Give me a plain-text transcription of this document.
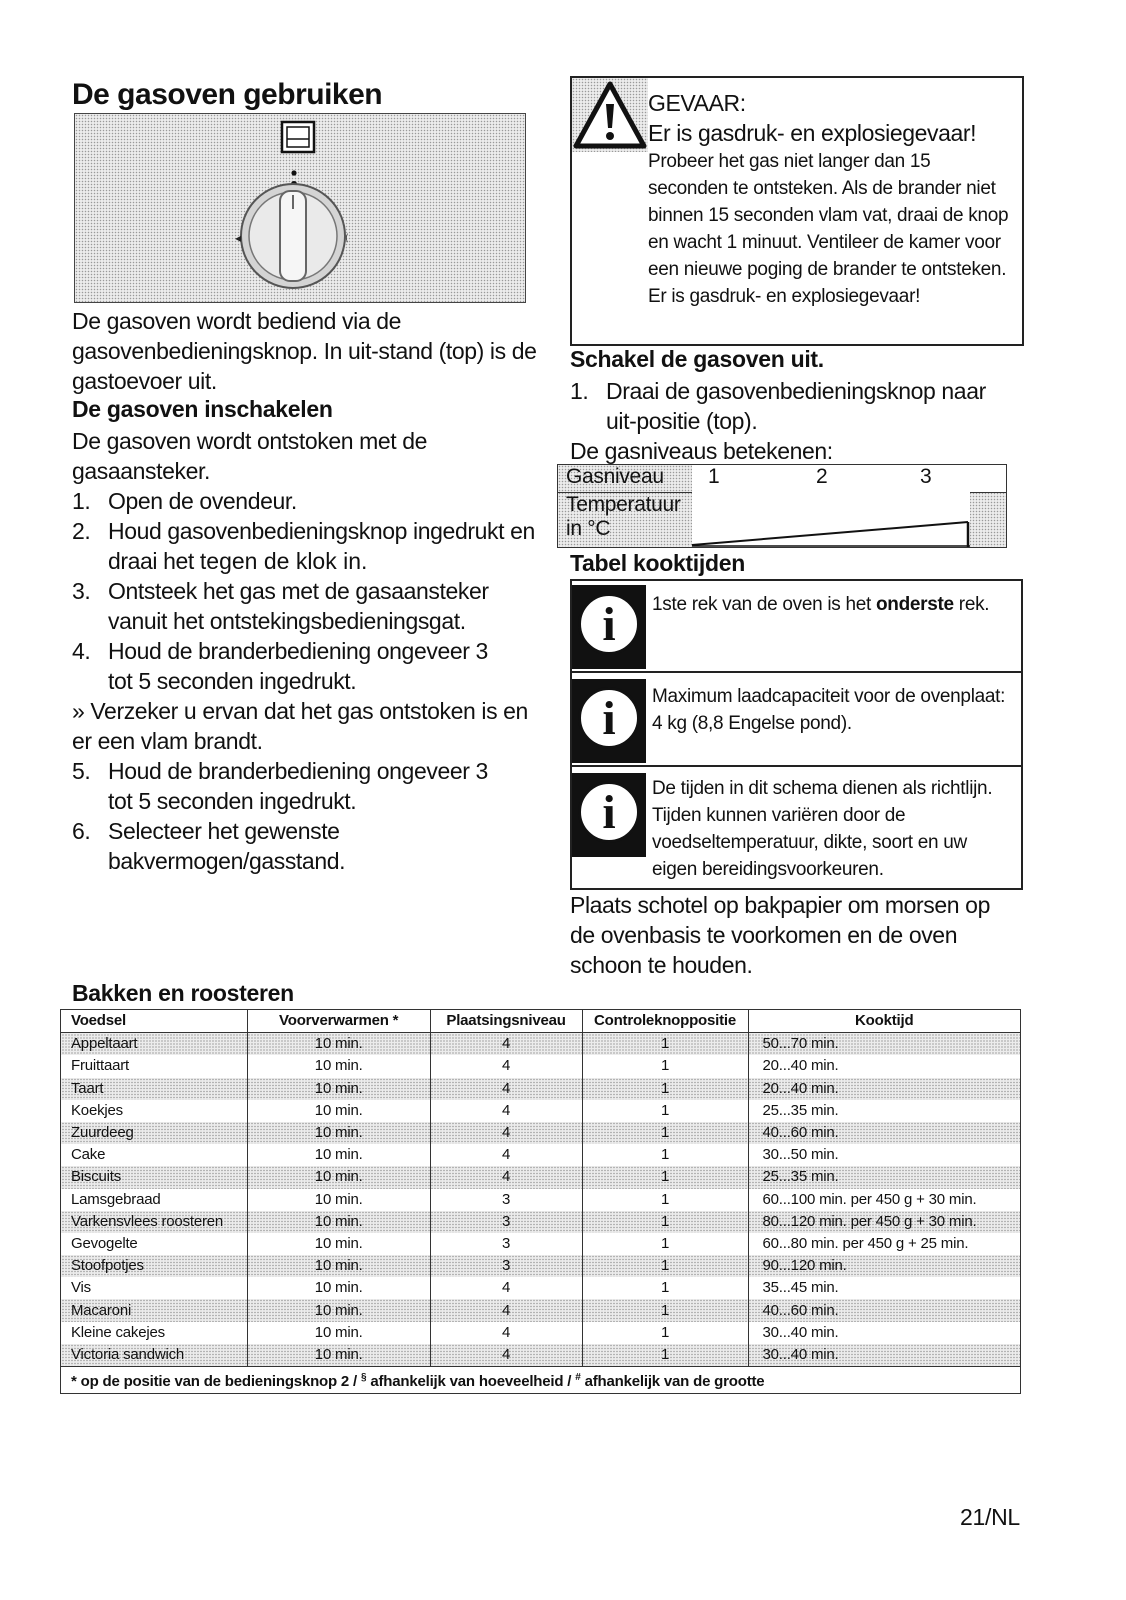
De gasoven gebruiken
◂	(
De gasoven wordt bediend via de gasovenbedieningsknop. In uit-stand (top) is de gastoevoer uit.
De gasoven inschakelen
De gasoven wordt ontstoken met de gasaansteker.
1. Open de ovendeur.
2. Houd gasovenbedieningsknop ingedrukt en draai het tegen de klok in.
3. Ontsteek het gas met de gasaansteker vanuit het ontstekingsbedieningsgat.
4. Houd de branderbediening ongeveer 3 tot 5 seconden ingedrukt.
» Verzeker u ervan dat het gas ontstoken is en er een vlam brandt.
5. Houd de branderbediening ongeveer 3 tot 5 seconden ingedrukt.
6. Selecteer het gewenste bakvermogen/gasstand.
GEVAAR:
Er is gasdruk- en explosiegevaar!
Probeer het gas niet langer dan 15 seconden te ontsteken. Als de brander niet binnen 15 seconden vlam vat, draai de knop en wacht 1 minuut. Ventileer de kamer voor een nieuwe poging de brander te ontsteken. Er is gasdruk- en explosiegevaar!
Schakel de gasoven uit.
1. Draai de gasovenbedieningsknop naar uit-positie (top).
De gasniveaus betekenen:
Gasniveau 1	2	3
Temperatuur in °C
Tabel kooktijden
i	1ste rek van de oven is het onderste rek.
i	Maximum laadcapaciteit voor de ovenplaat: 4 kg (8,8 Engelse pond).
i	De tijden in dit schema dienen als richtlijn. Tijden kunnen variëren door de voedseltemperatuur, dikte, soort en uw eigen bereidingsvoorkeuren.
Plaats schotel op bakpapier om morsen op de ovenbasis te voorkomen en de oven schoon te houden.
Bakken en roosteren
Voedsel	Voorverwarmen *	Plaatsingsniveau	Controleknoppositie	Kooktijd
Appeltaart	10 min.	4	1	50...70 min.
Fruittaart	10 min.	4	1	20...40 min.
Taart	10 min.	4	1	20...40 min.
Koekjes	10 min.	4	1	25...35 min.
Zuurdeeg	10 min.	4	1	40...60 min.
Cake	10 min.	4	1	30...50 min.
Biscuits	10 min.	4	1	25...35 min.
Lamsgebraad	10 min.	3	1	60...100 min. per 450 g + 30 min.
Varkensvlees roosteren	10 min.	3	1	80...120 min. per 450 g + 30 min.
Gevogelte	10 min.	3	1	60...80 min. per 450 g + 25 min.
Stoofpotjes	10 min.	3	1	90...120 min.
Vis	10 min.	4	1	35...45 min.
Macaroni	10 min.	4	1	40...60 min.
Kleine cakejes	10 min.	4	1	30...40 min.
Victoria sandwich	10 min.	4	1	30...40 min.
* op de positie van de bedieningsknop 2 / § afhankelijk van hoeveelheid / # afhankelijk van de grootte				
21/NL
